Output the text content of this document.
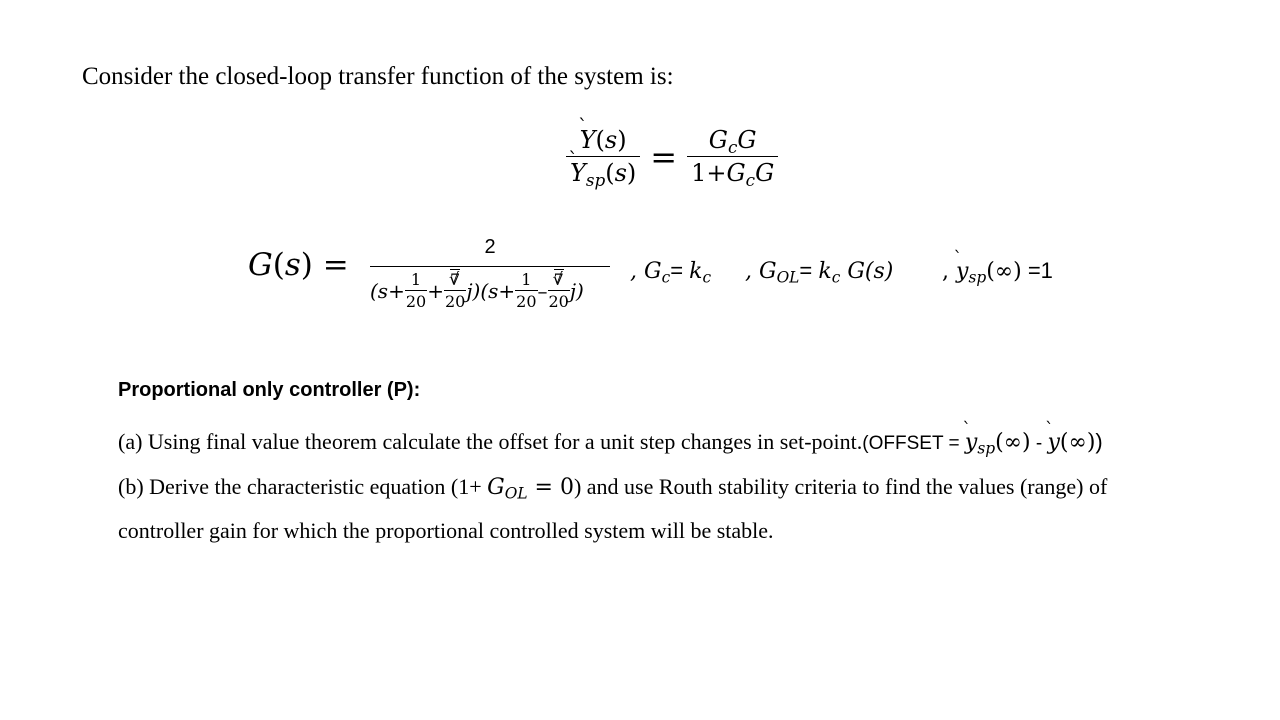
Consider the closed-loop transfer function of the system is:
Y
(s)
Y
$_{sp}(s) = \frac{G_cG}{1+G_cG}$
G(s) =	2
($s+ \frac{1}{20}$ + √ $\frac{7}{20} j)(s+ \frac{1}{20}$ – √ $\frac{7}{20} j$)
, $G_c= k_c$ , $G_{OL}= k_c$ G(s) , y
$_{sp}$(∞) =1
Proportional only controller (P):
(a) Using final value theorem calculate the offset for a unit step changes in set-point.(OFFSET = y
$_{sp}$(∞) - y
(∞))
(b) Derive the characteristic equation $(1+ G_{OL} = 0)$ and use Routh stability criteria to find the values (range) of
controller gain for which the proportional controlled system will be stable.
